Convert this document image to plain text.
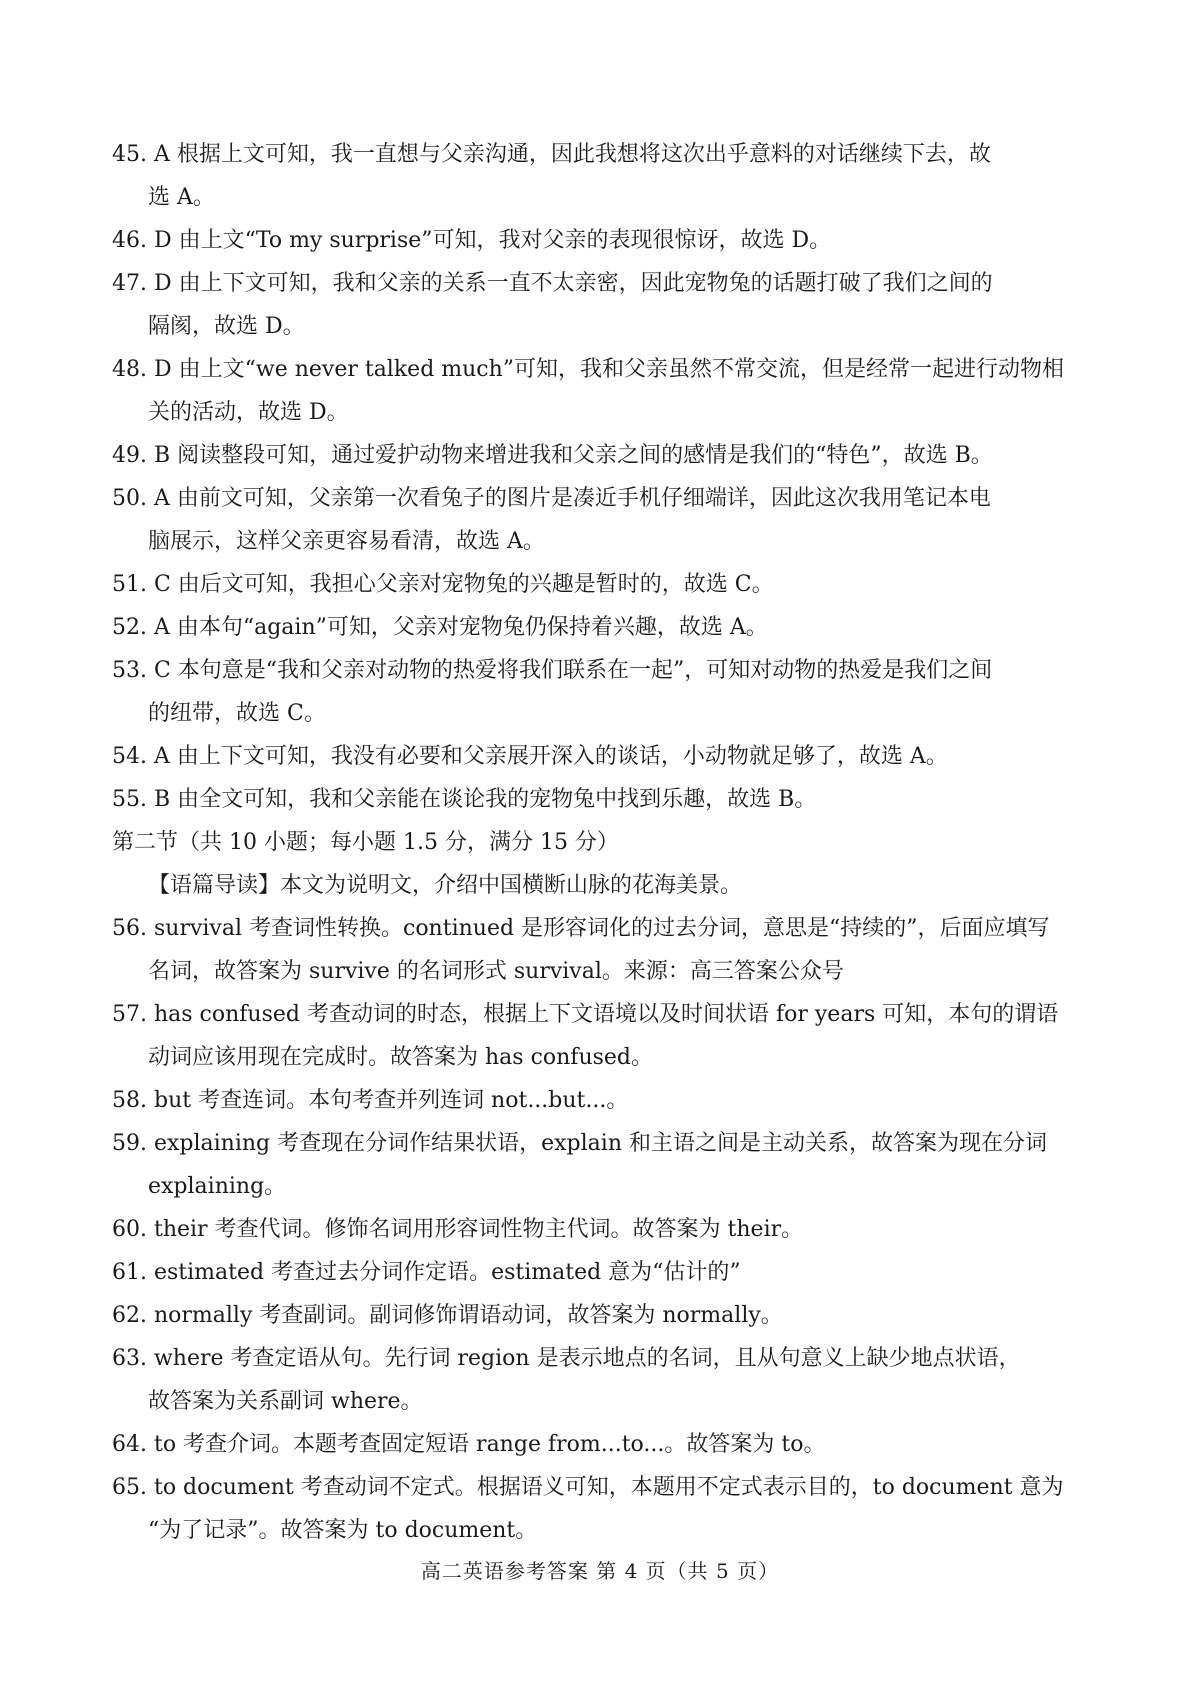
45. A 根据上文可知，我一直想与父亲沟通，因此我想将这次出乎意料的对话继续下去，故
选 A。
46. D 由上文“To my surprise”可知，我对父亲的表现很惊讶，故选 D。
47. D 由上下文可知，我和父亲的关系一直不太亲密，因此宠物兔的话题打破了我们之间的
隔阂，故选 D。
48. D 由上文“we never talked much”可知，我和父亲虽然不常交流，但是经常一起进行动物相
关的活动，故选 D。
49. B 阅读整段可知，通过爱护动物来增进我和父亲之间的感情是我们的“特色”，故选 B。
50. A 由前文可知，父亲第一次看兔子的图片是凑近手机仔细端详，因此这次我用笔记本电
脑展示，这样父亲更容易看清，故选 A。
51. C 由后文可知，我担心父亲对宠物兔的兴趣是暂时的，故选 C。
52. A 由本句“again”可知，父亲对宠物兔仍保持着兴趣，故选 A。
53. C 本句意是“我和父亲对动物的热爱将我们联系在一起”，可知对动物的热爱是我们之间
的纽带，故选 C。
54. A 由上下文可知，我没有必要和父亲展开深入的谈话，小动物就足够了，故选 A。
55. B 由全文可知，我和父亲能在谈论我的宠物兔中找到乐趣，故选 B。
第二节（共 10 小题；每小题 1.5 分，满分 15 分）
【语篇导读】本文为说明文，介绍中国横断山脉的花海美景。
56. survival 考查词性转换。continued 是形容词化的过去分词，意思是“持续的”，后面应填写
名词，故答案为 survive 的名词形式 survival。来源：高三答案公众号
57. has confused 考查动词的时态，根据上下文语境以及时间状语 for years 可知，本句的谓语
动词应该用现在完成时。故答案为 has confused。
58. but 考查连词。本句考查并列连词 not...but...。
59. explaining 考查现在分词作结果状语，explain 和主语之间是主动关系，故答案为现在分词
explaining。
60. their 考查代词。修饰名词用形容词性物主代词。故答案为 their。
61. estimated 考查过去分词作定语。estimated 意为“估计的”
62. normally 考查副词。副词修饰谓语动词，故答案为 normally。
63. where 考查定语从句。先行词 region 是表示地点的名词，且从句意义上缺少地点状语，
故答案为关系副词 where。
64. to 考查介词。本题考查固定短语 range from...to...。故答案为 to。
65. to document 考查动词不定式。根据语义可知，本题用不定式表示目的，to document 意为
“为了记录”。故答案为 to document。
高二英语参考答案 第 4 页（共 5 页）
